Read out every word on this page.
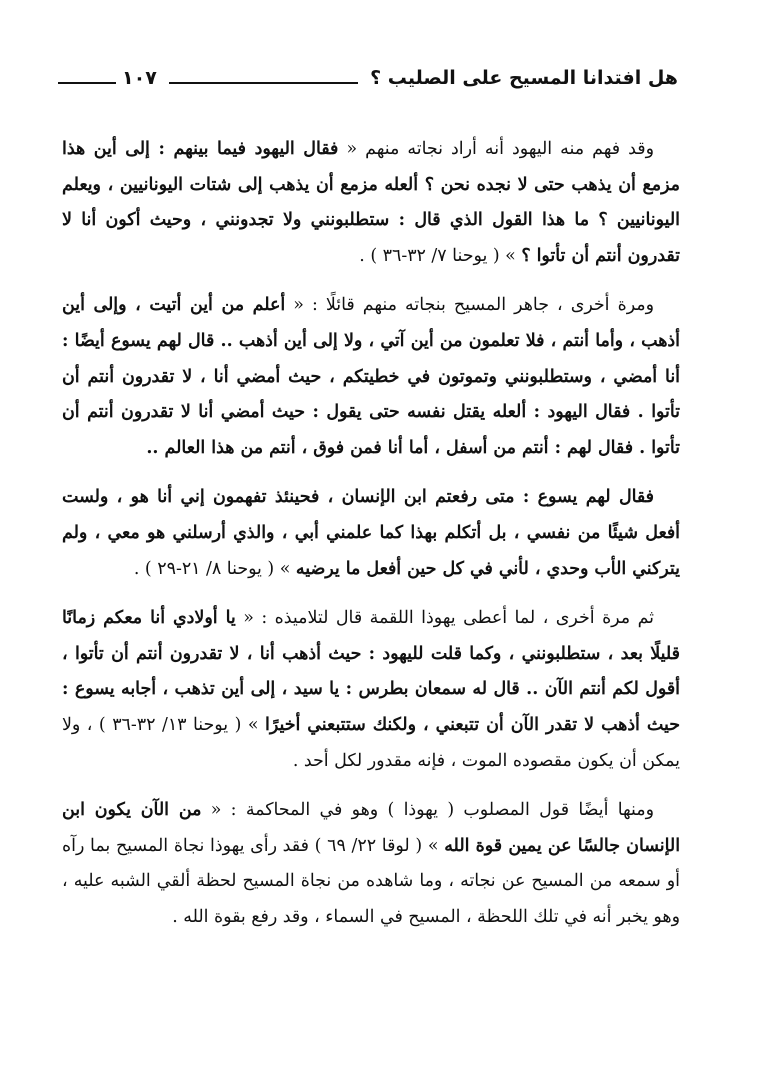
هل افتدانا المسيح على الصليب ؟
١٠٧

وقد فهم منه اليهود أنه أراد نجاته منهم « فقال اليهود فيما بينهم : إلى أين هذا مزمع أن يذهب حتى لا نجده نحن ؟ ألعله مزمع أن يذهب إلى شتات اليونانيين ، ويعلم اليونانيين ؟ ما هذا القول الذي قال : ستطلبونني ولا تجدونني ، وحيث أكون أنا لا تقدرون أنتم أن تأتوا ؟ » ( يوحنا ٧/ ٣٢-٣٦ ) .

ومرة أخرى ، جاهر المسيح بنجاته منهم قائلًا : « أعلم من أين أتيت ، وإلى أين أذهب ، وأما أنتم ، فلا تعلمون من أين آتي ، ولا إلى أين أذهب .. قال لهم يسوع أيضًا : أنا أمضي ، وستطلبونني وتموتون في خطيتكم ، حيث أمضي أنا ، لا تقدرون أنتم أن تأتوا . فقال اليهود : ألعله يقتل نفسه حتى يقول : حيث أمضي أنا لا تقدرون أنتم أن تأتوا . فقال لهم : أنتم من أسفل ، أما أنا فمن فوق ، أنتم من هذا العالم ..

فقال لهم يسوع : متى رفعتم ابن الإنسان ، فحينئذ تفهمون إني أنا هو ، ولست أفعل شيئًا من نفسي ، بل أتكلم بهذا كما علمني أبي ، والذي أرسلني هو معي ، ولم يتركني الأب وحدي ، لأني في كل حين أفعل ما يرضيه » ( يوحنا ٨/ ٢١-٢٩ ) .

ثم مرة أخرى ، لما أعطى يهوذا اللقمة قال لتلاميذه : « يا أولادي أنا معكم زمانًا قليلًا بعد ، ستطلبونني ، وكما قلت لليهود : حيث أذهب أنا ، لا تقدرون أنتم أن تأتوا ، أقول لكم أنتم الآن .. قال له سمعان بطرس : يا سيد ، إلى أين تذهب ، أجابه يسوع : حيث أذهب لا تقدر الآن أن تتبعني ، ولكنك ستتبعني أخيرًا » ( يوحنا ١٣/ ٣٢-٣٦ ) ، ولا يمكن أن يكون مقصوده الموت ، فإنه مقدور لكل أحد .

ومنها أيضًا قول المصلوب ( يهوذا ) وهو في المحاكمة : « من الآن يكون ابن الإنسان جالسًا عن يمين قوة الله » ( لوقا ٢٢/ ٦٩ ) فقد رأى يهوذا نجاة المسيح بما رآه أو سمعه من المسيح عن نجاته ، وما شاهده من نجاة المسيح لحظة ألقي الشبه عليه ، وهو يخبر أنه في تلك اللحظة ، المسيح في السماء ، وقد رفع بقوة الله .
